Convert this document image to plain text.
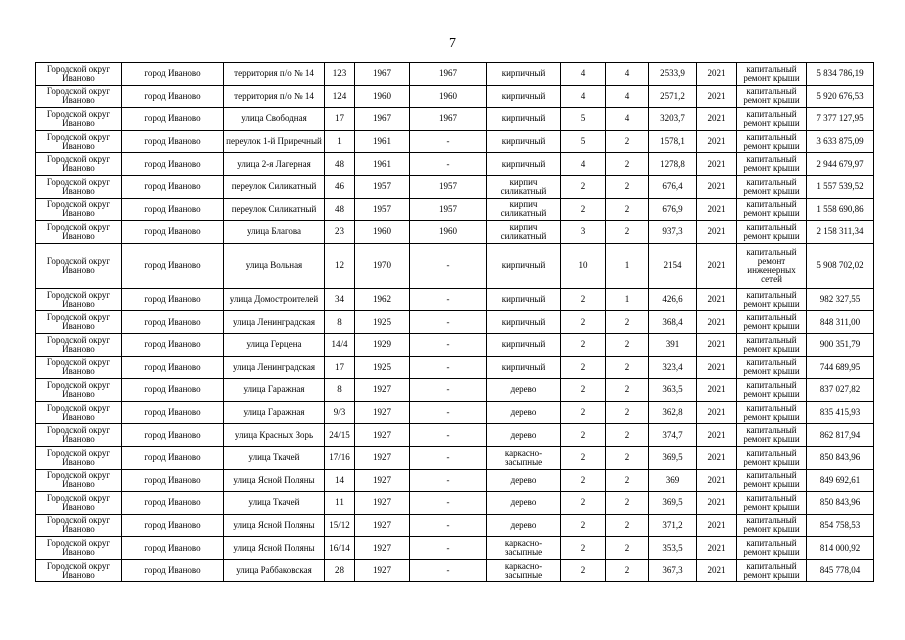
7
Городской округ Иваново	город Иваново	территория п/о № 14	123	1967	1967	кирпичный	4	4	2533,9	2021	капитальный ремонт крыши	5 834 786,19
Городской округ Иваново	город Иваново	территория п/о № 14	124	1960	1960	кирпичный	4	4	2571,2	2021	капитальный ремонт крыши	5 920 676,53
Городской округ Иваново	город Иваново	улица Свободная	17	1967	1967	кирпичный	5	4	3203,7	2021	капитальный ремонт крыши	7 377 127,95
Городской округ Иваново	город Иваново	переулок 1-й Приречный	1	1961	-	кирпичный	5	2	1578,1	2021	капитальный ремонт крыши	3 633 875,09
Городской округ Иваново	город Иваново	улица 2-я Лагерная	48	1961	-	кирпичный	4	2	1278,8	2021	капитальный ремонт крыши	2 944 679,97
Городской округ Иваново	город Иваново	переулок Силикатный	46	1957	1957	кирпич силикатный	2	2	676,4	2021	капитальный ремонт крыши	1 557 539,52
Городской округ Иваново	город Иваново	переулок Силикатный	48	1957	1957	кирпич силикатный	2	2	676,9	2021	капитальный ремонт крыши	1 558 690,86
Городской округ Иваново	город Иваново	улица Благова	23	1960	1960	кирпич силикатный	3	2	937,3	2021	капитальный ремонт крыши	2 158 311,34
Городской округ Иваново	город Иваново	улица Вольная	12	1970	-	кирпичный	10	1	2154	2021	капитальный ремонт инженерных сетей	5 908 702,02
Городской округ Иваново	город Иваново	улица Домостроителей	34	1962	-	кирпичный	2	1	426,6	2021	капитальный ремонт крыши	982 327,55
Городской округ Иваново	город Иваново	улица Ленинградская	8	1925	-	кирпичный	2	2	368,4	2021	капитальный ремонт крыши	848 311,00
Городской округ Иваново	город Иваново	улица Герцена	14/4	1929	-	кирпичный	2	2	391	2021	капитальный ремонт крыши	900 351,79
Городской округ Иваново	город Иваново	улица Ленинградская	17	1925	-	кирпичный	2	2	323,4	2021	капитальный ремонт крыши	744 689,95
Городской округ Иваново	город Иваново	улица Гаражная	8	1927	-	дерево	2	2	363,5	2021	капитальный ремонт крыши	837 027,82
Городской округ Иваново	город Иваново	улица Гаражная	9/3	1927	-	дерево	2	2	362,8	2021	капитальный ремонт крыши	835 415,93
Городской округ Иваново	город Иваново	улица Красных Зорь	24/15	1927	-	дерево	2	2	374,7	2021	капитальный ремонт крыши	862 817,94
Городской округ Иваново	город Иваново	улица Ткачей	17/16	1927	-	каркасно-засыпные	2	2	369,5	2021	капитальный ремонт крыши	850 843,96
Городской округ Иваново	город Иваново	улица Ясной Поляны	14	1927	-	дерево	2	2	369	2021	капитальный ремонт крыши	849 692,61
Городской округ Иваново	город Иваново	улица Ткачей	11	1927	-	дерево	2	2	369,5	2021	капитальный ремонт крыши	850 843,96
Городской округ Иваново	город Иваново	улица Ясной Поляны	15/12	1927	-	дерево	2	2	371,2	2021	капитальный ремонт крыши	854 758,53
Городской округ Иваново	город Иваново	улица Ясной Поляны	16/14	1927	-	каркасно-засыпные	2	2	353,5	2021	капитальный ремонт крыши	814 000,92
Городской округ Иваново	город Иваново	улица Раббаковская	28	1927	-	каркасно-засыпные	2	2	367,3	2021	капитальный ремонт крыши	845 778,04
